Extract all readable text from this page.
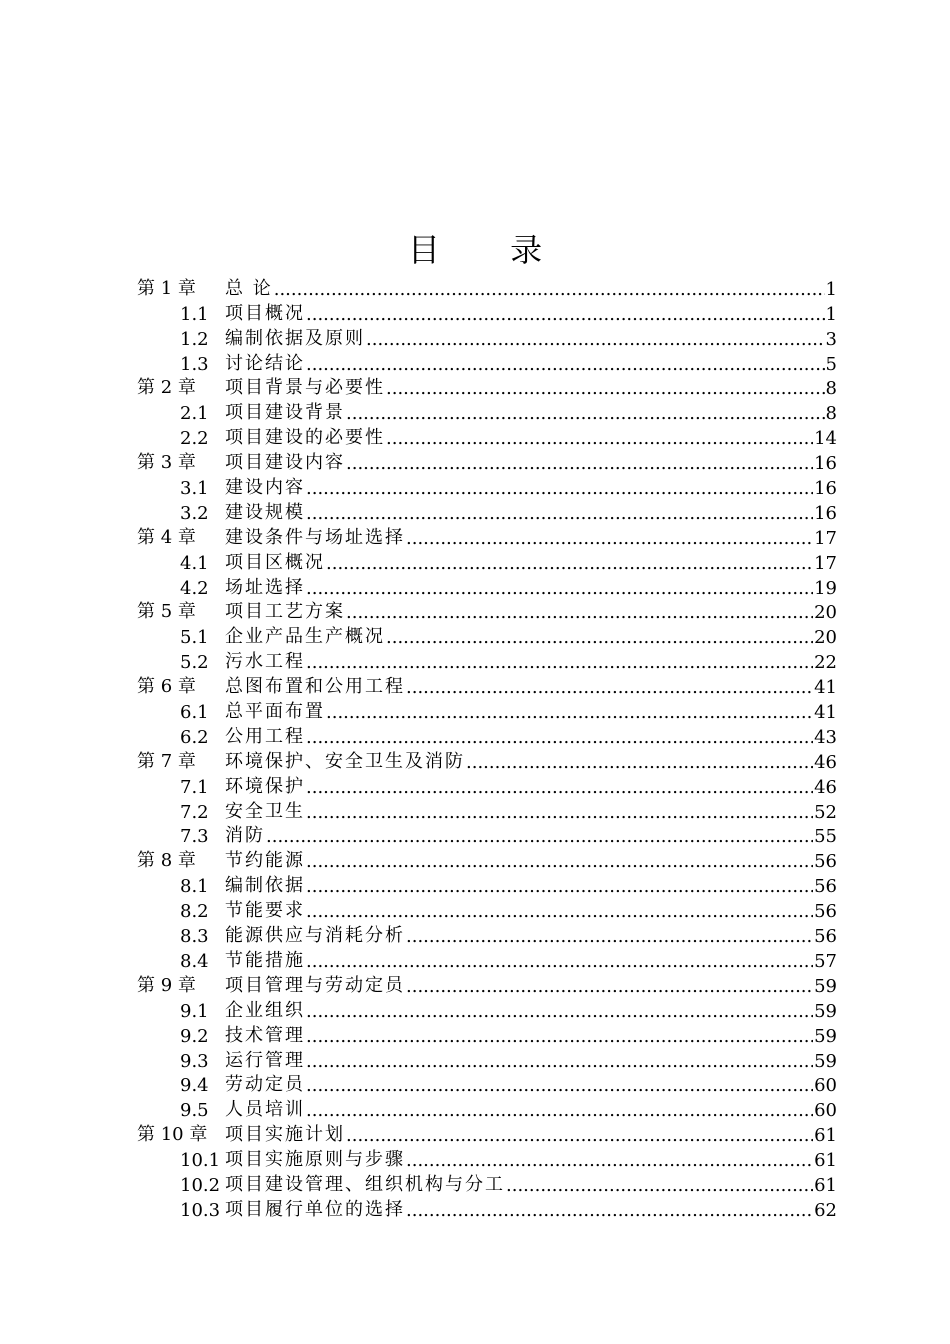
目 录
第 1 章	总 论 .....	1
1.1 项目概况 .....	1
1.2 编制依据及原则 .....	3
1.3 讨论结论 .....	5
第 2 章	项目背景与必要性 .....	8
2.1 项目建设背景 .....	8
2.2 项目建设的必要性 .....	14
第 3 章	项目建设内容 .....	16
3.1 建设内容 .....	16
3.2 建设规模 .....	16
第 4 章	建设条件与场址选择 .....	17
4.1 项目区概况 .....	17
4.2 场址选择 .....	19
第 5 章	项目工艺方案 .....	20
5.1 企业产品生产概况 .....	20
5.2 污水工程 .....	22
第 6 章	总图布置和公用工程 .....	41
6.1 总平面布置 .....	41
6.2 公用工程 .....	43
第 7 章	环境保护、安全卫生及消防 .....	46
7.1 环境保护 .....	46
7.2 安全卫生 .....	52
7.3 消防 .....	55
第 8 章	节约能源 .....	56
8.1 编制依据 .....	56
8.2 节能要求 .....	56
8.3 能源供应与消耗分析 .....	56
8.4 节能措施 .....	57
第 9 章	项目管理与劳动定员 .....	59
9.1 企业组织 .....	59
9.2 技术管理 .....	59
9.3 运行管理 .....	59
9.4 劳动定员 .....	60
9.5 人员培训 .....	60
第 10 章 项目实施计划 .....	61
10.1 项目实施原则与步骤 .....	61
10.2 项目建设管理、组织机构与分工 .....	61
10.3 项目履行单位的选择 .....	62
